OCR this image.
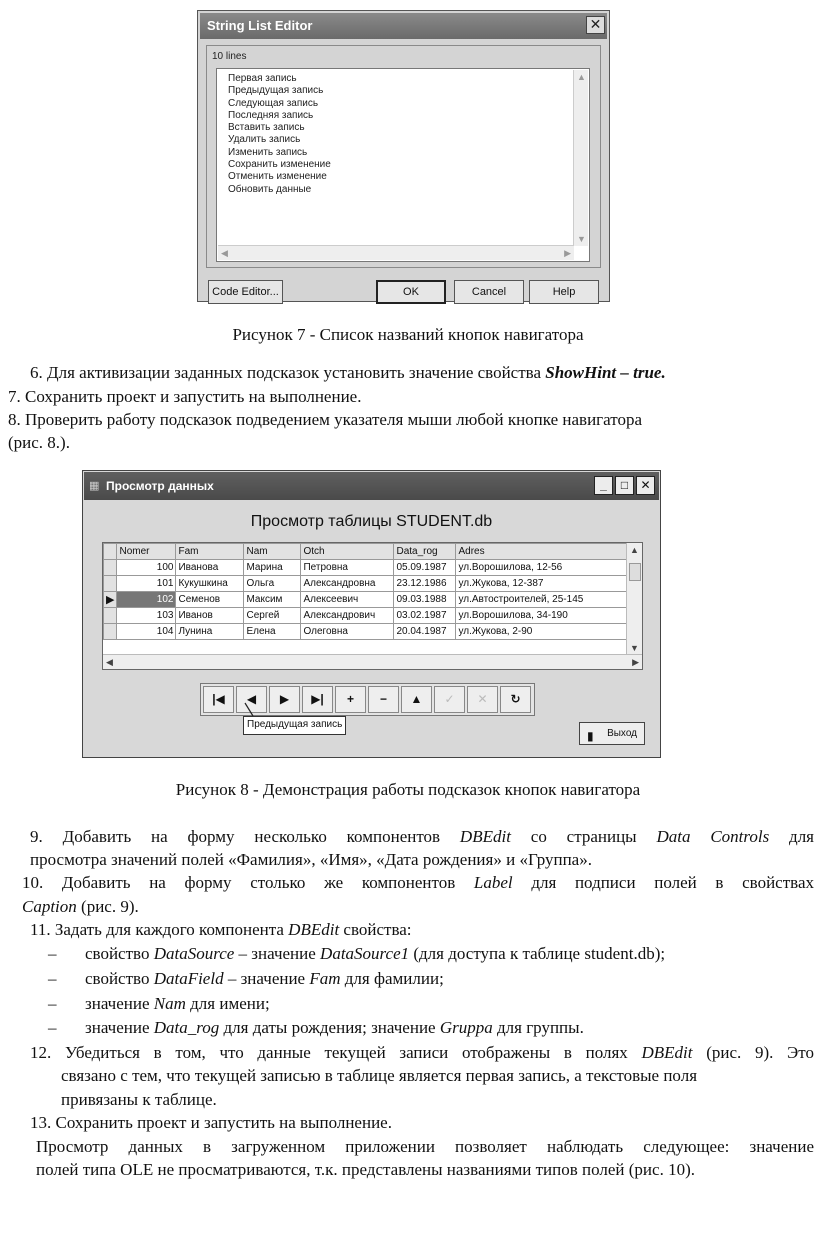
String List Editor	✕
10 lines
Первая запись
Предыдущая запись
Следующая запись
Последняя запись
Вставить запись
Удалить запись
Изменить запись
Сохранить изменение
Отменить изменение
Обновить данные
▲
▼
◀	▶
Code Editor...	OK	Cancel	Help
Рисунок 7 - Список названий кнопок навигатора
6. Для активизации заданных подсказок установить значение свойства ShowHint – true.
7. Сохранить проект и запустить на выполнение.
8. Проверить работу подсказок подведением указателя мыши любой кнопке навигатора
(рис. 8.).
▦ Просмотр данных	_	□	✕
Просмотр таблицы STUDENT.db
	Nomer	Fam	Nam	Otch	Data_rog	Adres
	100	Иванова	Марина	Петровна	05.09.1987	ул.Ворошилова, 12-56
	101	Кукушкина	Ольга	Александровна	23.12.1986	ул.Жукова, 12-387
▶	102	Семенов	Максим	Алексеевич	09.03.1988	ул.Автостроителей, 25-145
	103	Иванов	Сергей	Александрович	03.02.1987	ул.Ворошилова, 34-190
	104	Лунина	Елена	Олеговна	20.04.1987	ул.Жукова, 2-90
▲
▼
◀	▶
|◀	◀	▶	▶|	+	−	▲	✓	✕	↻
Предыдущая запись
▮ Выход
Рисунок 8 - Демонстрация работы подсказок кнопок навигатора
9. Добавить на форму несколько компонентов DBEdit со страницы Data Controls для
просмотра значений полей «Фамилия», «Имя», «Дата рождения» и «Группа».
10. Добавить на форму столько же компонентов Label для подписи полей в свойствах
Caption (рис. 9).
11. Задать для каждого компонента DBEdit свойства:
– свойство DataSource – значение DataSource1 (для доступа к таблице student.db);
– свойство DataField – значение Fam для фамилии;
– значение Nam для имени;
– значение Data_rog для даты рождения; значение Gruppa для группы.
12. Убедиться в том, что данные текущей записи отображены в полях DBEdit (рис. 9). Это
связано с тем, что текущей записью в таблице является первая запись, а текстовые поля
привязаны к таблице.
13. Сохранить проект и запустить на выполнение.
Просмотр данных в загруженном приложении позволяет наблюдать следующее: значение
полей типа OLE не просматриваются, т.к. представлены названиями типов полей (рис. 10).
